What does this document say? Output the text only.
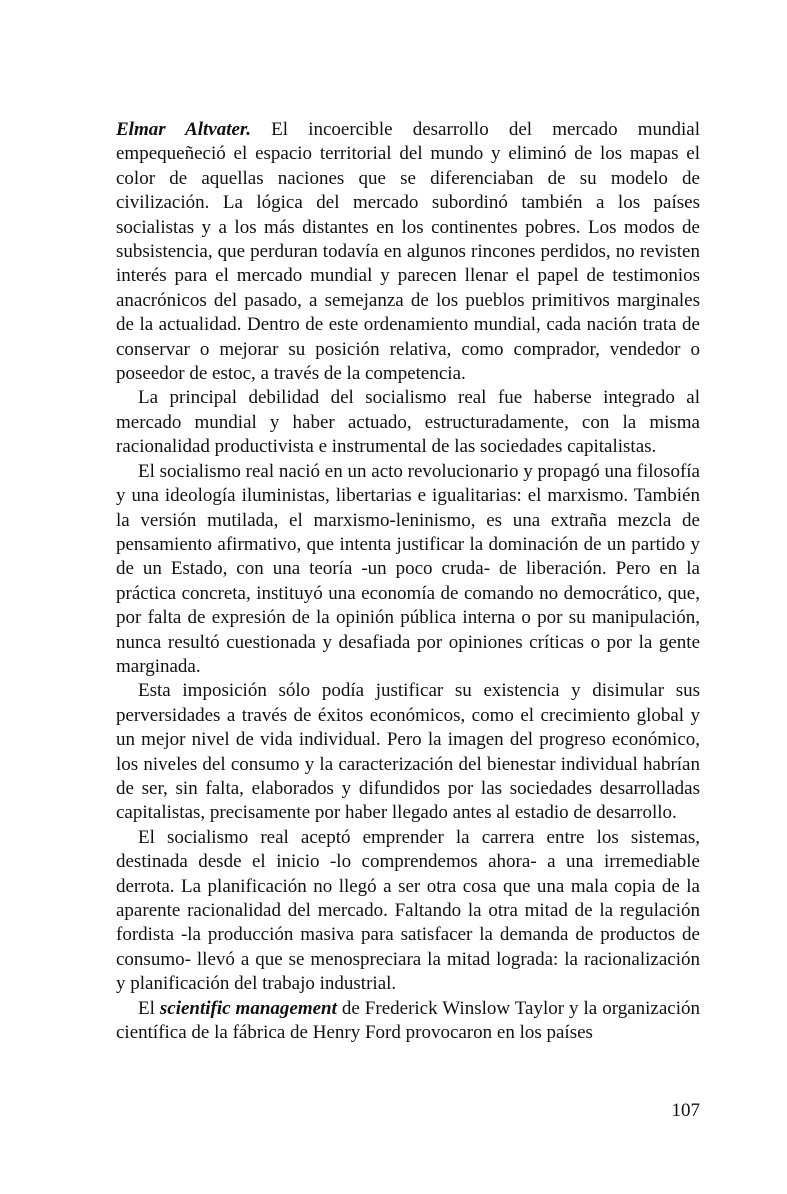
Elmar Altvater. El incoercible desarrollo del mercado mundial empequeñeció el espacio territorial del mundo y eliminó de los mapas el color de aquellas naciones que se diferenciaban de su modelo de civilización. La lógica del mercado subordinó también a los países socialistas y a los más distantes en los continentes pobres. Los modos de subsistencia, que perduran todavía en algunos rincones perdidos, no revisten interés para el mercado mundial y parecen llenar el papel de testimonios anacrónicos del pasado, a semejanza de los pueblos primitivos marginales de la actualidad. Dentro de este ordenamiento mundial, cada nación trata de conservar o mejorar su posición relativa, como comprador, vendedor o poseedor de estoc, a través de la competencia.

La principal debilidad del socialismo real fue haberse integrado al mercado mundial y haber actuado, estructuradamente, con la misma racionalidad productivista e instrumental de las sociedades capitalistas.

El socialismo real nació en un acto revolucionario y propagó una filosofía y una ideología iluministas, libertarias e igualitarias: el marxismo. También la versión mutilada, el marxismo-leninismo, es una extraña mezcla de pensamiento afirmativo, que intenta justificar la dominación de un partido y de un Estado, con una teoría -un poco cruda- de liberación. Pero en la práctica concreta, instituyó una economía de comando no democrático, que, por falta de expresión de la opinión pública interna o por su manipulación, nunca resultó cuestionada y desafiada por opiniones críticas o por la gente marginada.

Esta imposición sólo podía justificar su existencia y disimular sus perversidades a través de éxitos económicos, como el crecimiento global y un mejor nivel de vida individual. Pero la imagen del progreso económico, los niveles del consumo y la caracterización del bienestar individual habrían de ser, sin falta, elaborados y difundidos por las sociedades desarrolladas capitalistas, precisamente por haber llegado antes al estadio de desarrollo.

El socialismo real aceptó emprender la carrera entre los sistemas, destinada desde el inicio -lo comprendemos ahora- a una irremediable derrota. La planificación no llegó a ser otra cosa que una mala copia de la aparente racionalidad del mercado. Faltando la otra mitad de la regulación fordista -la producción masiva para satisfacer la demanda de productos de consumo- llevó a que se menospreciara la mitad lograda: la racionalización y planificación del trabajo industrial.

El scientific management de Frederick Winslow Taylor y la organización científica de la fábrica de Henry Ford provocaron en los países

107
